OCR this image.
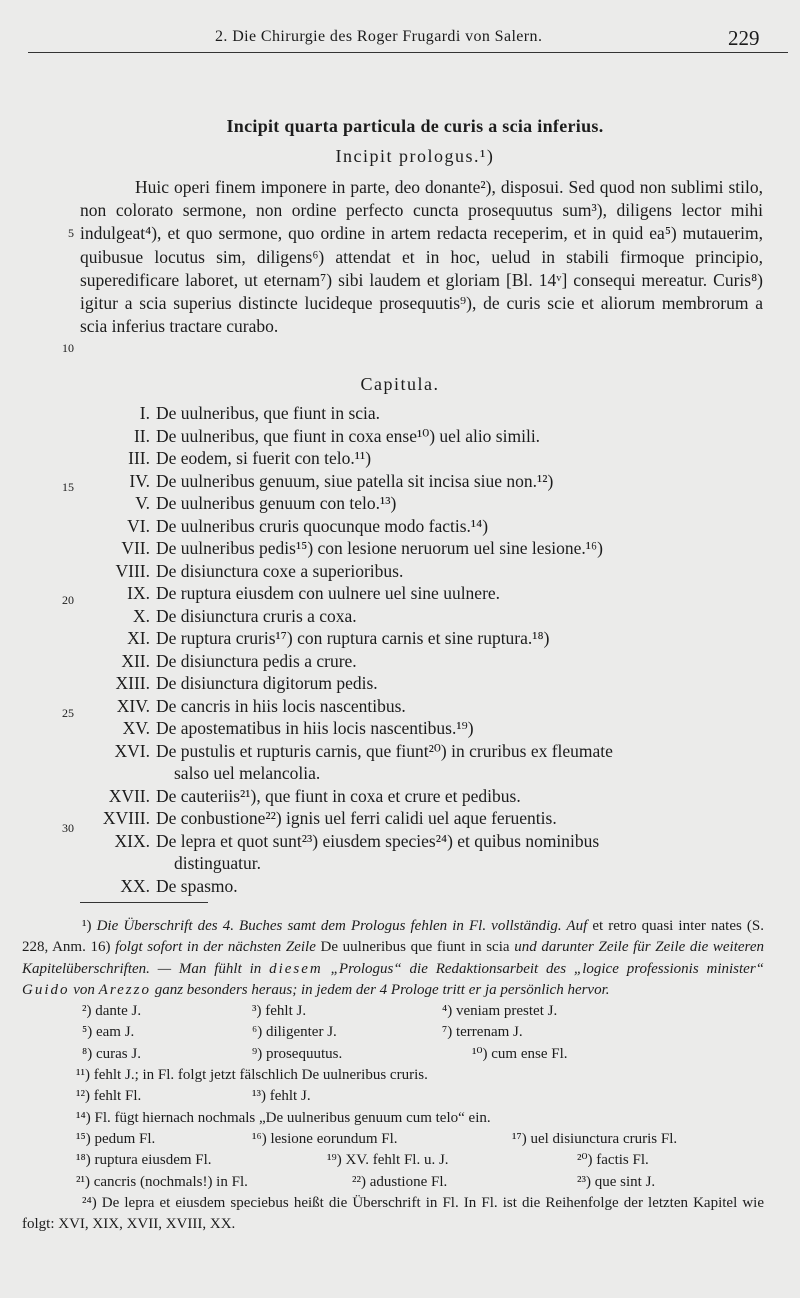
2. Die Chirurgie des Roger Frugardi von Salern.	229
Incipit quarta particula de curis a scia inferius.
Incipit prologus.¹)

Huic operi finem imponere in parte, deo donante²), disposui. Sed quod non sublimi stilo, non colorato sermone, non ordine perfecto cuncta prosequutus sum³), diligens lector mihi indulgeat⁴), et quo sermone, quo ordine in artem redacta receperim, et in quid ea⁵) mutauerim, quibusue locutus sim, diligens⁶) attendat et in hoc, uelud in stabili firmoque principio, superedificare laboret, ut eternam⁷) sibi laudem et gloriam [Bl. 14ᵛ] consequi mereatur. Curis⁸) igitur a scia superius distincte lucideque prosequutis⁹), de curis scie et aliorum membrorum a scia inferius tractare curabo.

5
10
15
20
25
30
Capitula.
I. De uulneribus, que fiunt in scia.
II. De uulneribus, que fiunt in coxa ense¹⁰) uel alio simili.
III. De eodem, si fuerit con telo.¹¹)
IV. De uulneribus genuum, siue patella sit incisa siue non.¹²)
V. De uulneribus genuum con telo.¹³)
VI. De uulneribus cruris quocunque modo factis.¹⁴)
VII. De uulneribus pedis¹⁵) con lesione neruorum uel sine lesione.¹⁶)
VIII. De disiunctura coxe a superioribus.
IX. De ruptura eiusdem con uulnere uel sine uulnere.
X. De disiunctura cruris a coxa.
XI. De ruptura cruris¹⁷) con ruptura carnis et sine ruptura.¹⁸)
XII. De disiunctura pedis a crure.
XIII. De disiunctura digitorum pedis.
XIV. De cancris in hiis locis nascentibus.
XV. De apostematibus in hiis locis nascentibus.¹⁹)
XVI. De pustulis et rupturis carnis, que fiunt²⁰) in cruribus ex fleumate
salso uel melancolia.
XVII. De cauteriis²¹), que fiunt in coxa et crure et pedibus.
XVIII. De conbustione²²) ignis uel ferri calidi uel aque feruentis.
XIX. De lepra et quot sunt²³) eiusdem species²⁴) et quibus nominibus
distinguatur.
XX. De spasmo.
¹) Die Überschrift des 4. Buches samt dem Prologus fehlen in Fl. vollständig. Auf et retro quasi inter nates (S. 228, Anm. 16) folgt sofort in der nächsten Zeile De uulneribus que fiunt in scia und darunter Zeile für Zeile die weiteren Kapitelüberschriften. — Man fühlt in diesem „Prologus“ die Redaktionsarbeit des „logice professionis minister“ Guido von Arezzo ganz besonders heraus; in jedem der 4 Prologe tritt er ja persönlich hervor.
²) dante J.	³) fehlt J.	⁴) veniam prestet J.
⁵) eam J.	⁶) diligenter J.	⁷) terrenam J.
⁸) curas J.	⁹) prosequutus.	¹⁰) cum ense Fl.
¹¹) fehlt J.; in Fl. folgt jetzt fälschlich De uulneribus cruris.
¹²) fehlt Fl.	¹³) fehlt J.
¹⁴) Fl. fügt hiernach nochmals „De uulneribus genuum cum telo“ ein.
¹⁵) pedum Fl.	¹⁶) lesione eorundum Fl.	¹⁷) uel disiunctura cruris Fl.
¹⁸) ruptura eiusdem Fl.	¹⁹) XV. fehlt Fl. u. J.	²⁰) factis Fl.
²¹) cancris (nochmals!) in Fl.	²²) adustione Fl.	²³) que sint J.
²⁴) De lepra et eiusdem speciebus heißt die Überschrift in Fl. In Fl. ist die Reihenfolge der letzten Kapitel wie folgt: XVI, XIX, XVII, XVIII, XX.
